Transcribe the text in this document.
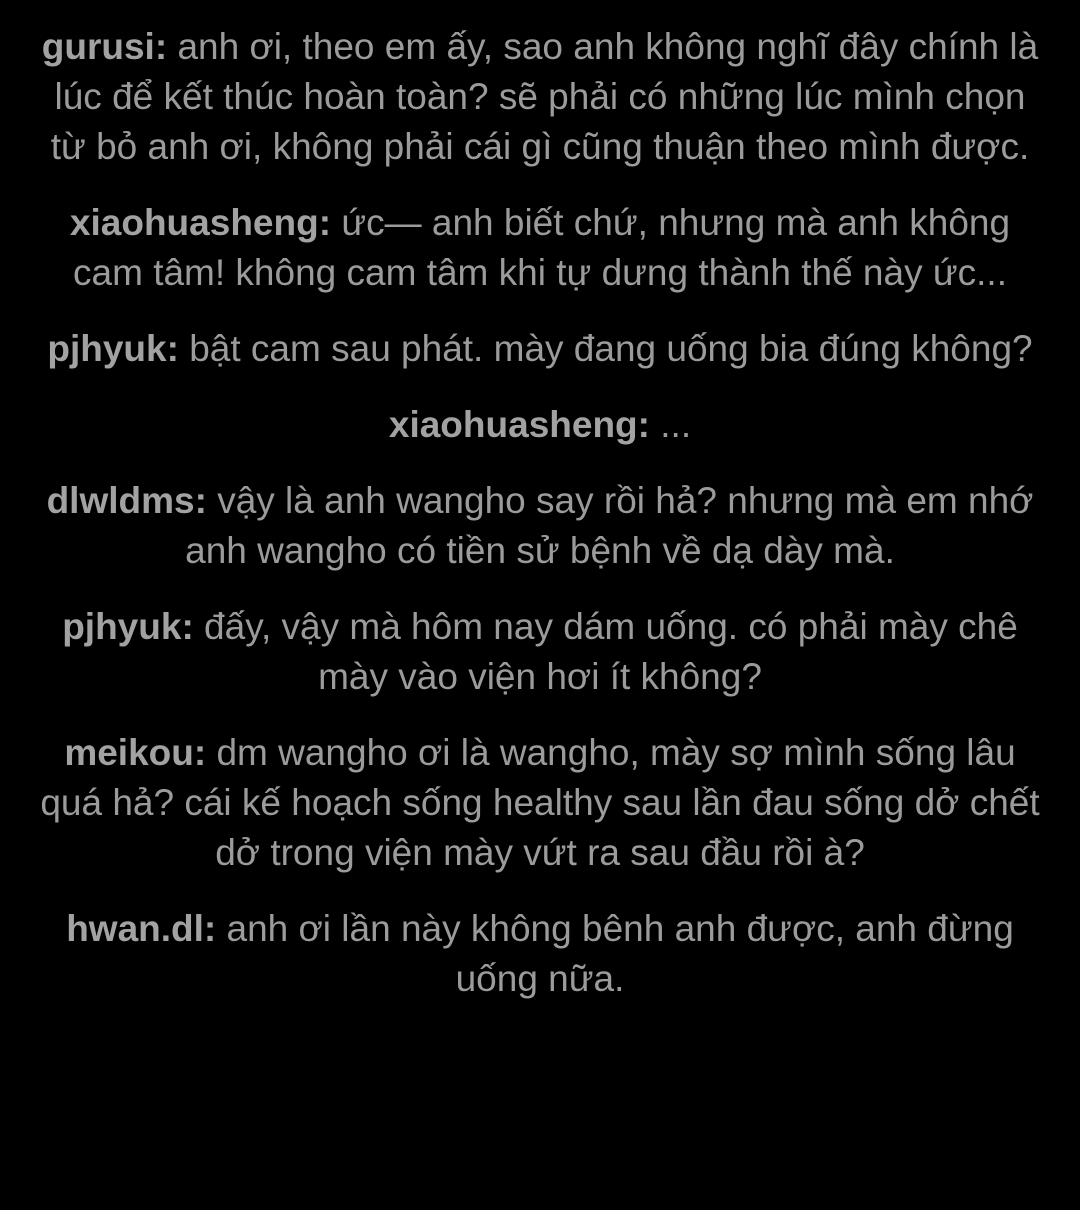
gurusi: anh ơi, theo em ấy, sao anh không nghĩ đây chính là lúc để kết thúc hoàn toàn? sẽ phải có những lúc mình chọn từ bỏ anh ơi, không phải cái gì cũng thuận theo mình được.

xiaohuasheng: ức— anh biết chứ, nhưng mà anh không cam tâm! không cam tâm khi tự dưng thành thế này ức...

pjhyuk: bật cam sau phát. mày đang uống bia đúng không?

xiaohuasheng: ...

dlwldms: vậy là anh wangho say rồi hả? nhưng mà em nhớ anh wangho có tiền sử bệnh về dạ dày mà.

pjhyuk: đấy, vậy mà hôm nay dám uống. có phải mày chê mày vào viện hơi ít không?

meikou: dm wangho ơi là wangho, mày sợ mình sống lâu quá hả? cái kế hoạch sống healthy sau lần đau sống dở chết dở trong viện mày vứt ra sau đầu rồi à?

hwan.dl: anh ơi lần này không bênh anh được, anh đừng uống nữa.
